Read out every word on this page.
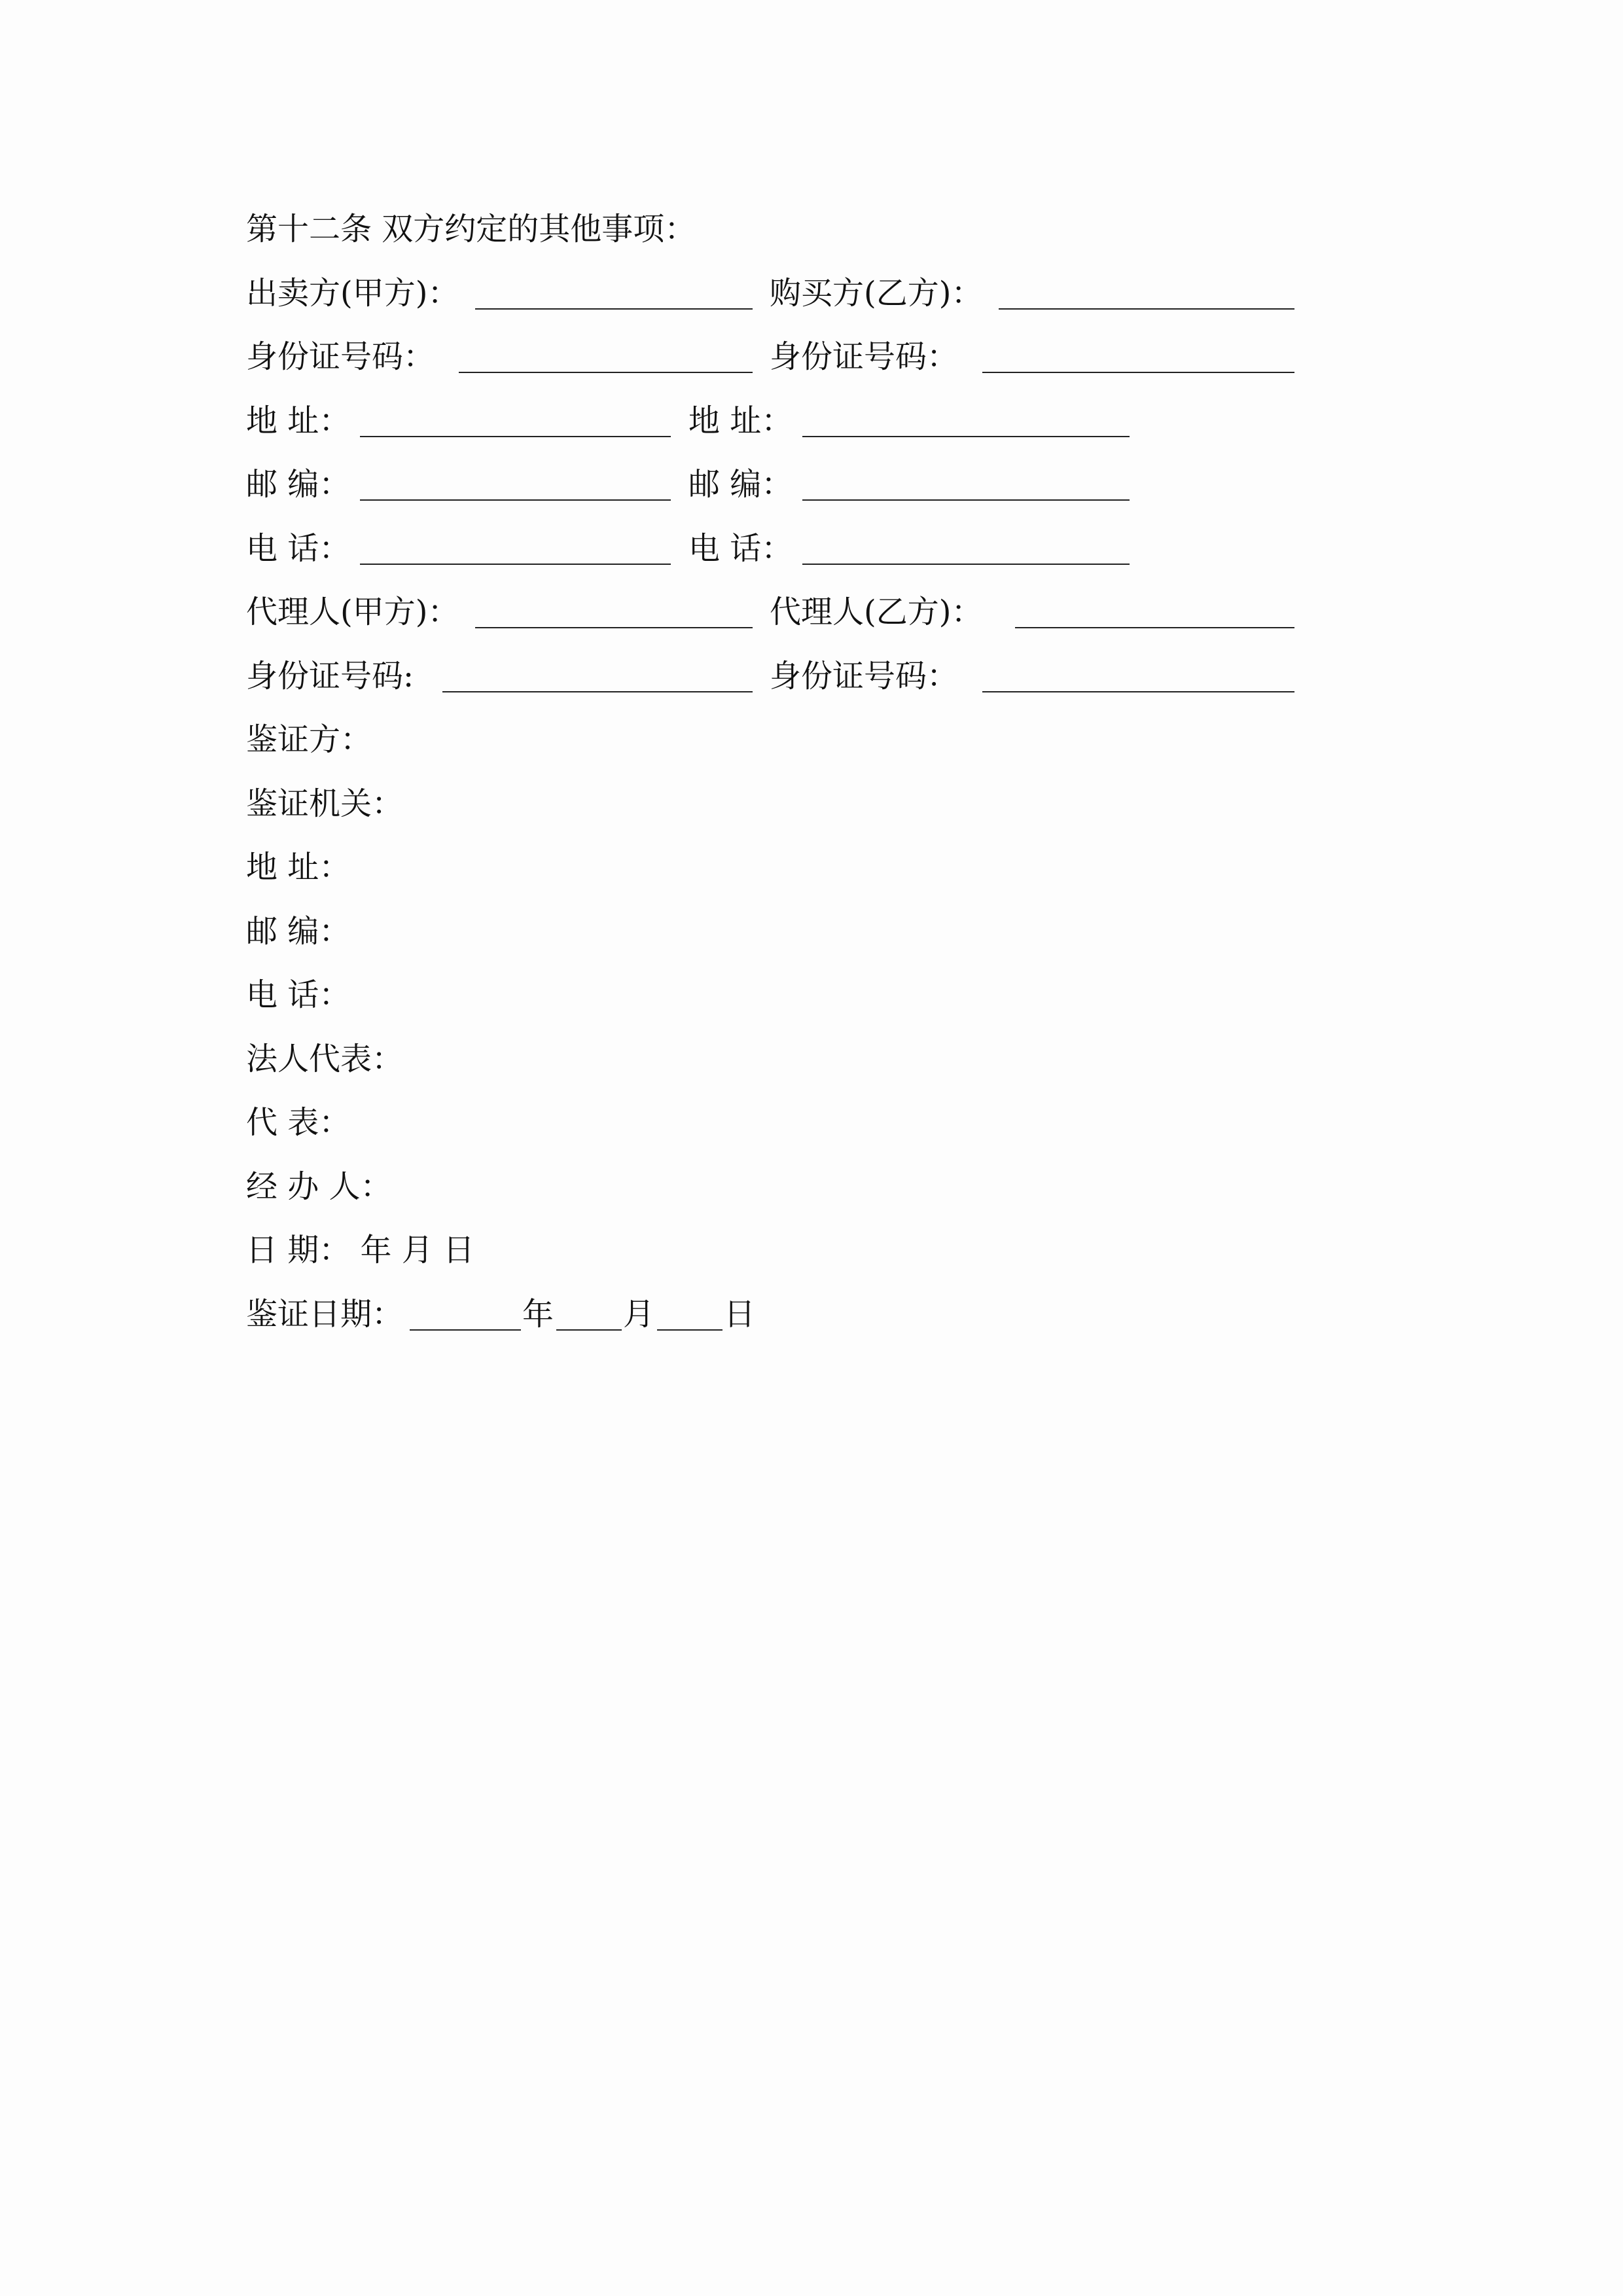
第十二条 双方约定的其他事项：
出卖方(甲方)：	购买方(乙方)：
身份证号码：	身份证号码：
地 址：	地 址：
邮 编：	邮 编：
电 话：	电 话：
代理人(甲方)：	代理人(乙方)：
身份证号码:	身份证号码：
鉴证方：
鉴证机关：
地 址：
邮 编：
电 话：
法人代表：
代 表：
经 办 人：
日 期： 年 月 日
鉴证日期：	年 月 日
